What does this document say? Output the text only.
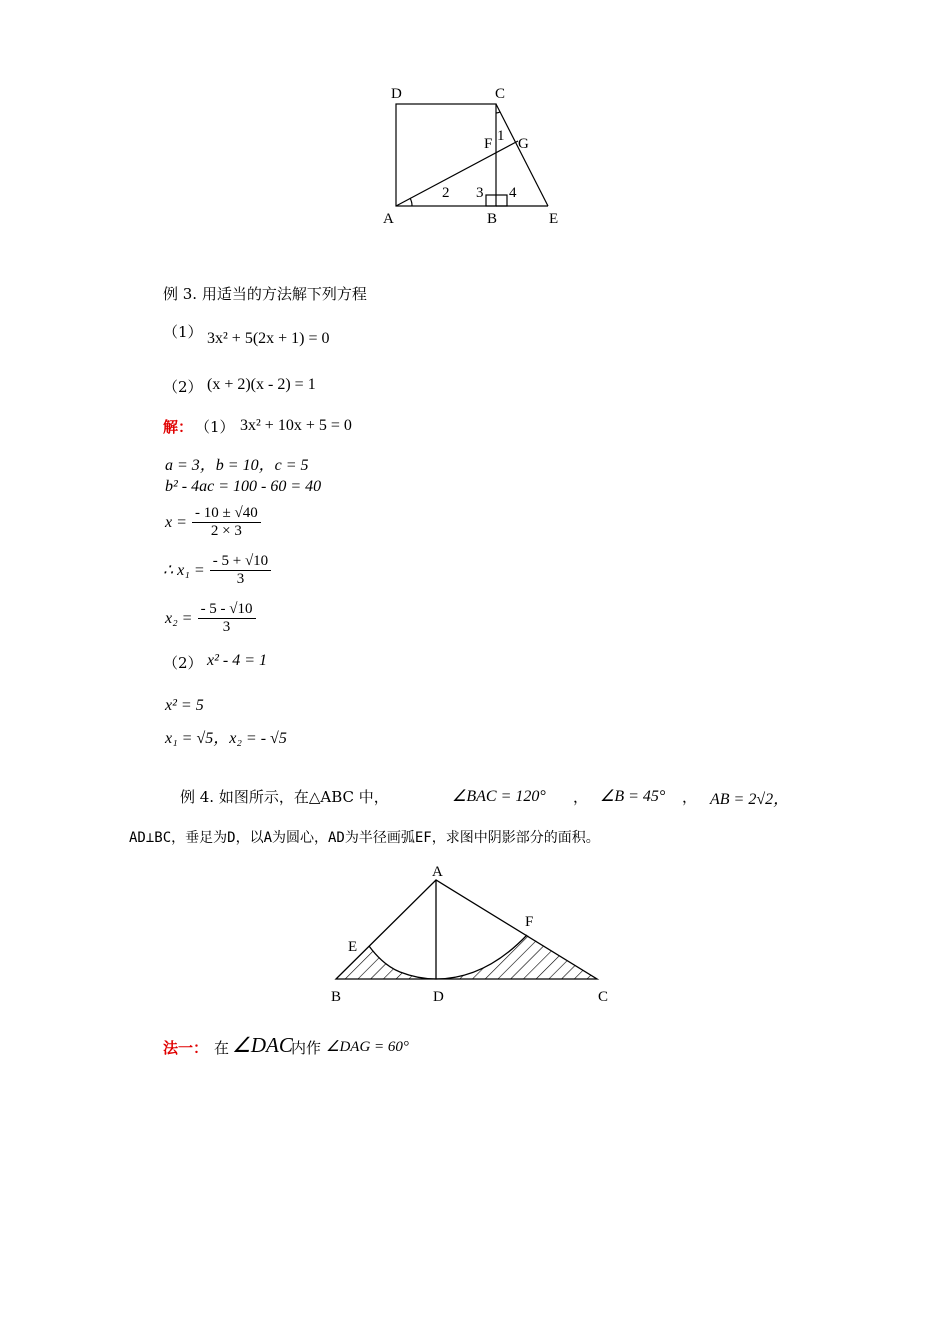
D	C
F 1 G
2 3 4
A	B	E
例 3. 用适当的方法解下列方程
（1） 3x² + 5(2x + 1) = 0
（2） (x + 2)(x - 2) = 1
解： （1） 3x² + 10x + 5 = 0
a = 3，b = 10，c = 5
b² - 4ac = 100 - 60 = 40
$x = \frac{- 10 \pm √40}{2 \times 3}$
∴ $x_1 = \frac{- 5 + √10}{3}$
$x_2 = \frac{- 5 - √10}{3}$
（2） x² - 4 = 1
x² = 5
x₁ = √5，x₂ = - √5
例 4. 如图所示，在△ABC 中，	∠BAC = 120° ， ∠B = 45° ， AB = 2√2，
AD⊥BC，垂足为D，以A为圆心，AD为半径画弧EF，求图中阴影部分的面积。
A
E
F
B	D	C
法一： 在 ∠DAC
内作 ∠DAG = 60°
